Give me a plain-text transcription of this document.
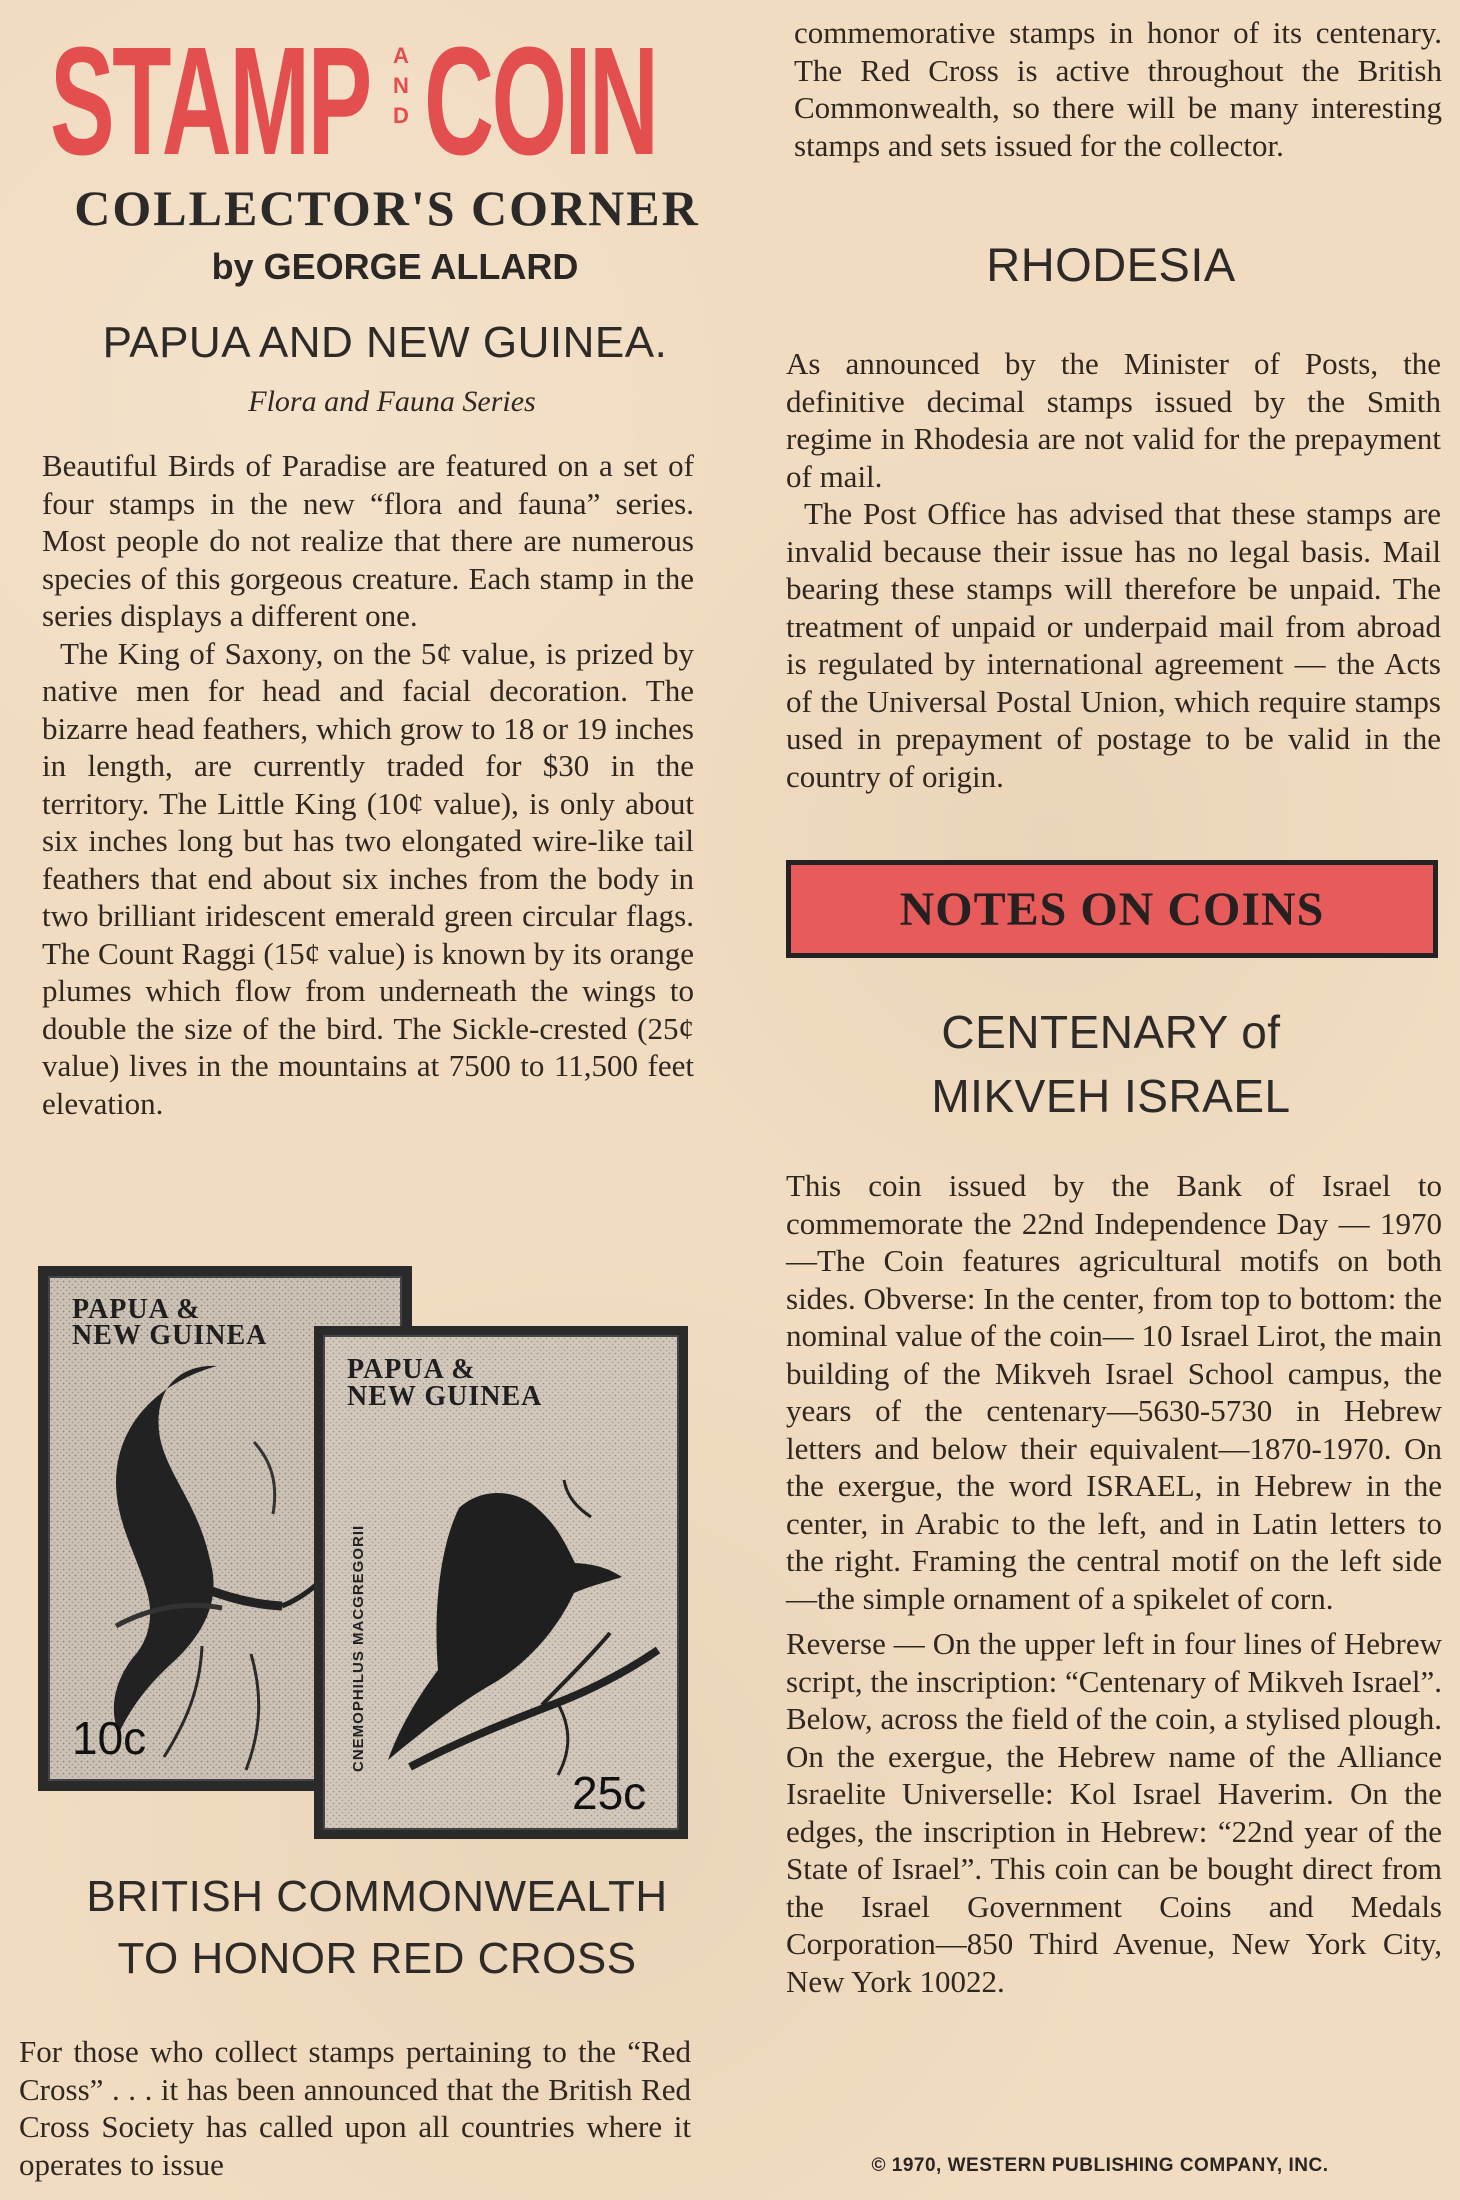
STAMP A
N
D COIN
COLLECTOR'S CORNER
by GEORGE ALLARD
PAPUA AND NEW GUINEA.
Flora and Fauna Series

Beautiful Birds of Paradise are featured on a set of four stamps in the new “flora and fauna” series. Most people do not realize that there are numerous species of this gorgeous creature. Each stamp in the series displays a different one.

The King of Saxony, on the 5¢ value, is prized by native men for head and facial decoration. The bizarre head feathers, which grow to 18 or 19 inches in length, are currently traded for $30 in the territory. The Little King (10¢ value), is only about six inches long but has two elongated wire-like tail feathers that end about six inches from the body in two brilliant iridescent emerald green circular flags. The Count Raggi (15¢ value) is known by its orange plumes which flow from underneath the wings to double the size of the bird. The Sickle-crested (25¢ value) lives in the mountains at 7500 to 11,500 feet elevation.

PAPUA &
NEW GUINEA
10c
PAPUA &
NEW GUINEA
CNEMOPHILUS MACGREGORII
25c
BRITISH COMMONWEALTH
TO HONOR RED CROSS
For those who collect stamps pertaining to the “Red Cross” . . . it has been announced that the British Red Cross Society has called upon all countries where it operates to issue
commemorative stamps in honor of its centenary. The Red Cross is active throughout the British Commonwealth, so there will be many interesting stamps and sets issued for the collector.
RHODESIA

As announced by the Minister of Posts, the definitive decimal stamps issued by the Smith regime in Rhodesia are not valid for the prepayment of mail.

The Post Office has advised that these stamps are invalid because their issue has no legal basis. Mail bearing these stamps will therefore be unpaid. The treatment of unpaid or underpaid mail from abroad is regulated by international agreement — the Acts of the Universal Postal Union, which require stamps used in prepayment of postage to be valid in the country of origin.

NOTES ON COINS
CENTENARY of
MIKVEH ISRAEL

This coin issued by the Bank of Israel to commemorate the 22nd Independence Day — 1970—The Coin features agricultural motifs on both sides. Obverse: In the center, from top to bottom: the nominal value of the coin— 10 Israel Lirot, the main building of the Mikveh Israel School campus, the years of the centenary—5630-5730 in Hebrew letters and below their equivalent—1870-1970. On the exergue, the word ISRAEL, in Hebrew in the center, in Arabic to the left, and in Latin letters to the right. Framing the central motif on the left side—the simple ornament of a spikelet of corn.

Reverse — On the upper left in four lines of Hebrew script, the inscription: “Centenary of Mikveh Israel”. Below, across the field of the coin, a stylised plough. On the exergue, the Hebrew name of the Alliance Israelite Universelle: Kol Israel Haverim. On the edges, the inscription in Hebrew: “22nd year of the State of Israel”. This coin can be bought direct from the Israel Government Coins and Medals Corporation—850 Third Avenue, New York City, New York 10022.

© 1970, WESTERN PUBLISHING COMPANY, INC.
